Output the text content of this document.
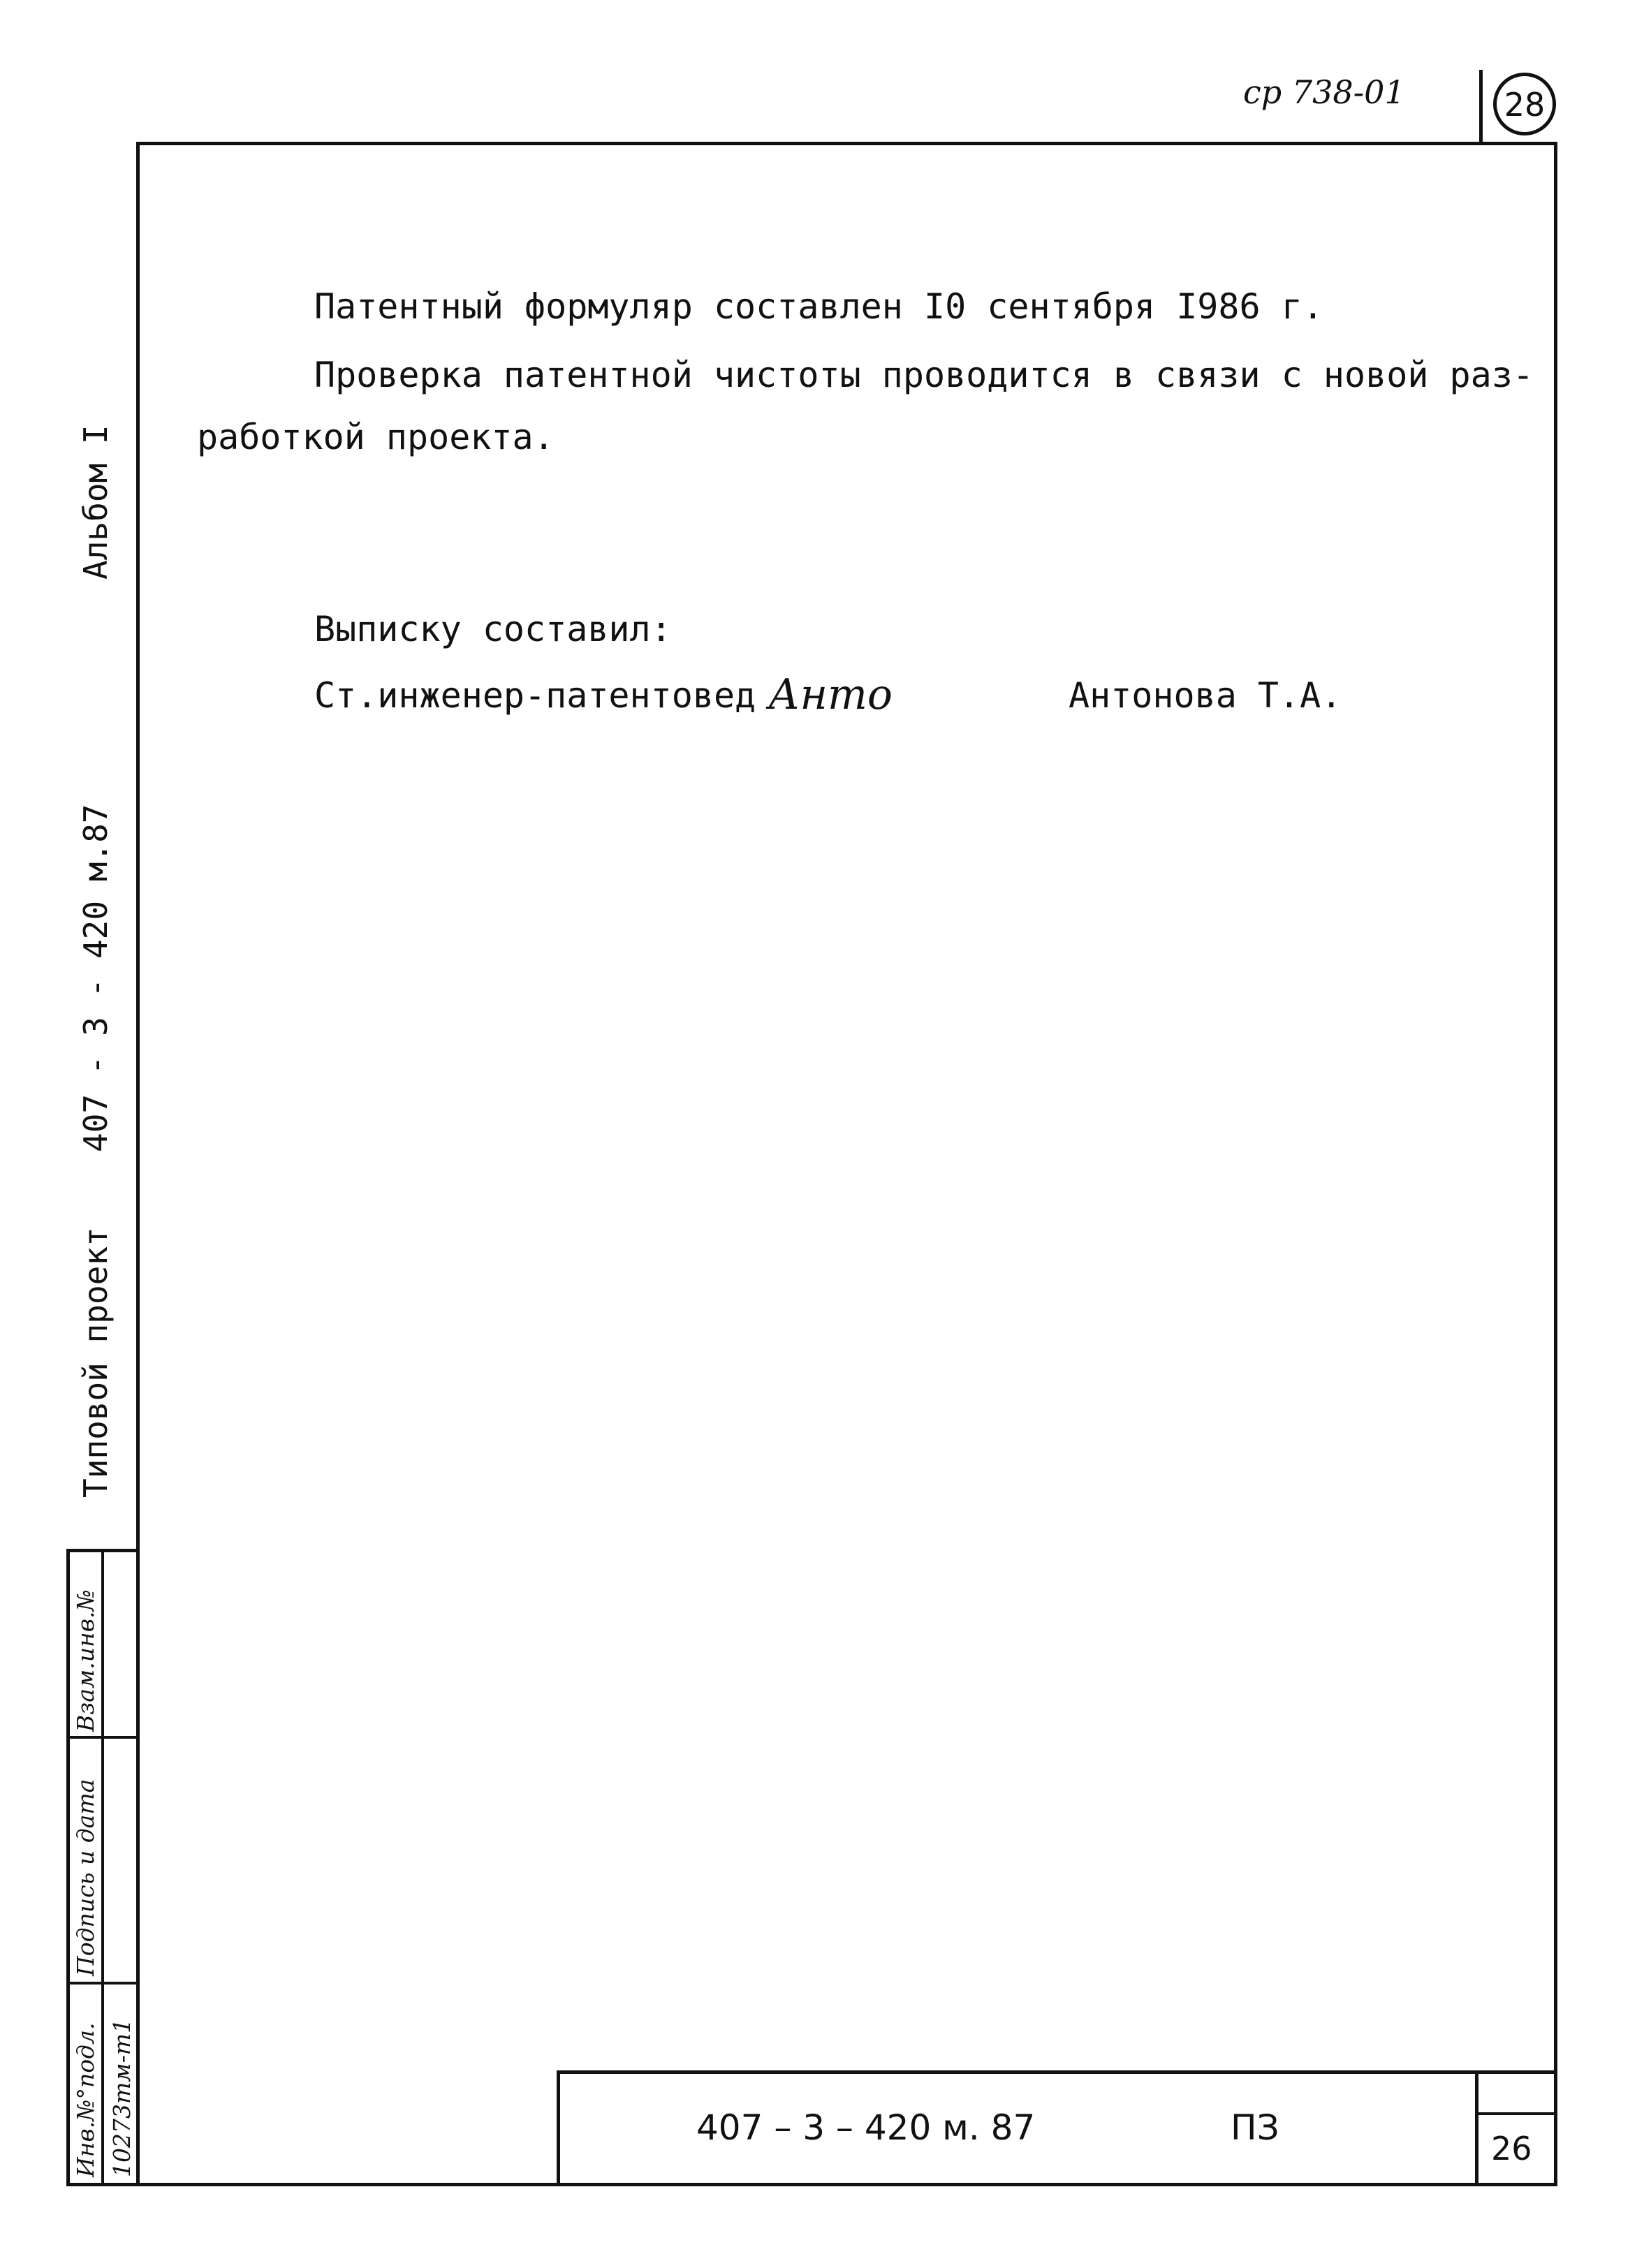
ср 738-01	28
Патентный формуляр составлен I0 сентября I986 г.
Проверка патентной чистоты проводится в связи с новой раз-
работкой проекта.
Выписку составил:
Ст.инженер-патентовед Анто	Антонова Т.А.
Альбом I
407 - 3 - 420 м.87
Типовой проект
Инв.№°подл.
Подпись и дата
Взам.инв.№
10273тм-т1	407 – 3 – 420 м. 87	ПЗ
26
